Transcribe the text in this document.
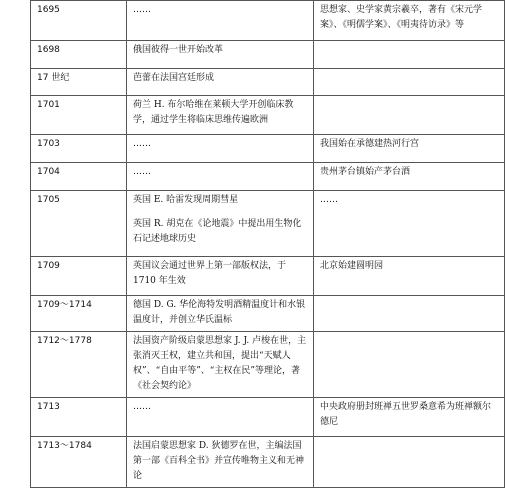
1695	……	思想家、史学家黄宗羲卒，著有《宋元学案》、《明儒学案》、《明夷待访录》等

1698	俄国彼得一世开始改革	

17 世纪	芭蕾在法国宫廷形成	

1701	荷兰 H. 布尔哈维在莱顿大学开创临床教学，通过学生将临床思维传遍欧洲	

1703	……	我国始在承德建热河行宫

1704	……	贵州茅台镇始产茅台酒

1705	英国 E. 哈雷发现周期彗星
英国 R. 胡克在《论地震》中提出用生物化石记述地球历史	……

1709	英国议会通过世界上第一部版权法，于 1710 年生效	北京始建圆明园

1709～1714	德国 D. G. 华伦海特发明酒精温度计和水银温度计，并创立华氏温标	

1712～1778	法国资产阶级启蒙思想家 J. J. 卢梭在世，主张消灭王权，建立共和国，提出“天赋人权”、“自由平等”、“主权在民”等理论，著《社会契约论》	

1713	……	中央政府册封班禅五世罗桑意希为班禅额尔德尼

1713～1784	法国启蒙思想家 D. 狄德罗在世，主编法国第一部《百科全书》并宣传唯物主义和无神论	
